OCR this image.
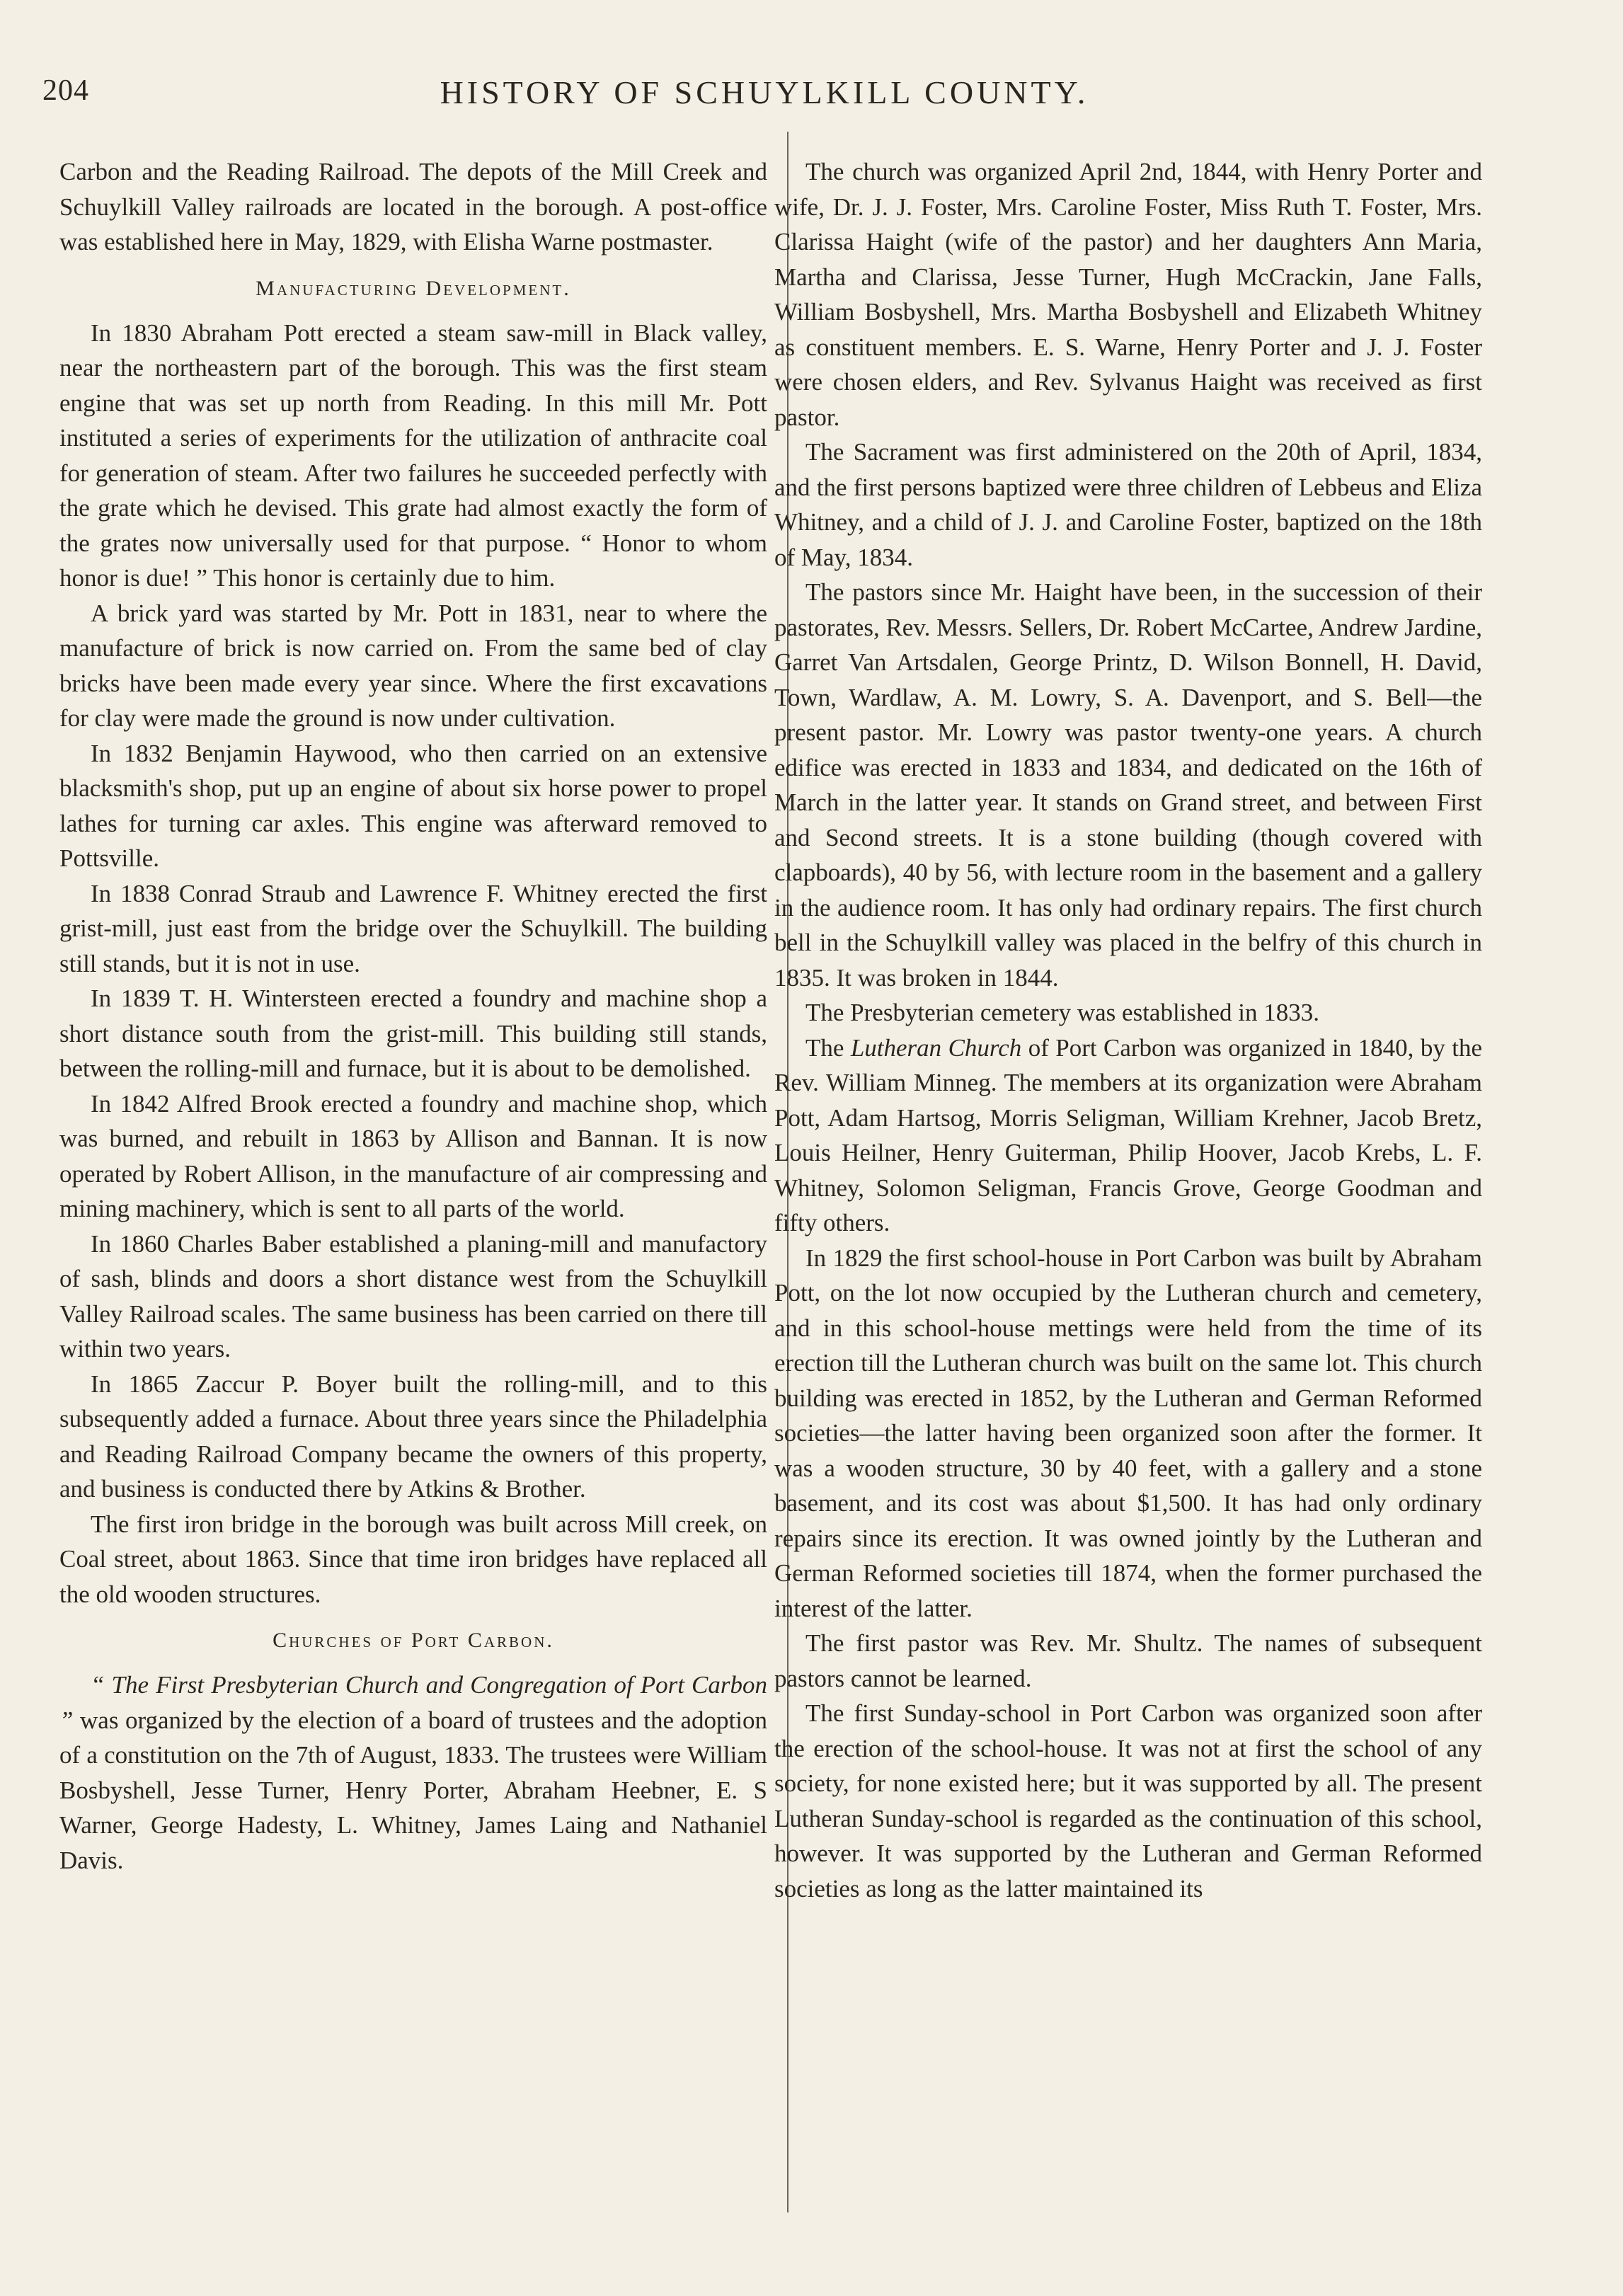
204	HISTORY OF SCHUYLKILL COUNTY.

Carbon and the Reading Railroad. The depots of the Mill Creek and Schuylkill Valley railroads are located in the borough. A post-office was established here in May, 1829, with Elisha Warne postmaster.

Manufacturing Development.

In 1830 Abraham Pott erected a steam saw-mill in Black valley, near the northeastern part of the borough. This was the first steam engine that was set up north from Reading. In this mill Mr. Pott instituted a series of experiments for the utilization of anthracite coal for generation of steam. After two failures he succeeded perfectly with the grate which he devised. This grate had almost exactly the form of the grates now universally used for that purpose. “ Honor to whom honor is due! ” This honor is certainly due to him.

A brick yard was started by Mr. Pott in 1831, near to where the manufacture of brick is now carried on. From the same bed of clay bricks have been made every year since. Where the first excavations for clay were made the ground is now under cultivation.

In 1832 Benjamin Haywood, who then carried on an extensive blacksmith's shop, put up an engine of about six horse power to propel lathes for turning car axles. This engine was afterward removed to Pottsville.

In 1838 Conrad Straub and Lawrence F. Whitney erected the first grist-mill, just east from the bridge over the Schuylkill. The building still stands, but it is not in use.

In 1839 T. H. Wintersteen erected a foundry and machine shop a short distance south from the grist-mill. This building still stands, between the rolling-mill and furnace, but it is about to be demolished.

In 1842 Alfred Brook erected a foundry and machine shop, which was burned, and rebuilt in 1863 by Allison and Bannan. It is now operated by Robert Allison, in the manufacture of air compressing and mining machinery, which is sent to all parts of the world.

In 1860 Charles Baber established a planing-mill and manufactory of sash, blinds and doors a short distance west from the Schuylkill Valley Railroad scales. The same business has been carried on there till within two years.

In 1865 Zaccur P. Boyer built the rolling-mill, and to this subsequently added a furnace. About three years since the Philadelphia and Reading Railroad Company became the owners of this property, and business is conducted there by Atkins & Brother.

The first iron bridge in the borough was built across Mill creek, on Coal street, about 1863. Since that time iron bridges have replaced all the old wooden structures.

Churches of Port Carbon.

“ The First Presbyterian Church and Congregation of Port Carbon ” was organized by the election of a board of trustees and the adoption of a constitution on the 7th of August, 1833. The trustees were William Bosbyshell, Jesse Turner, Henry Porter, Abraham Heebner, E. S Warner, George Hadesty, L. Whitney, James Laing and Nathaniel Davis.

The church was organized April 2nd, 1844, with Henry Porter and wife, Dr. J. J. Foster, Mrs. Caroline Foster, Miss Ruth T. Foster, Mrs. Clarissa Haight (wife of the pastor) and her daughters Ann Maria, Martha and Clarissa, Jesse Turner, Hugh McCrackin, Jane Falls, William Bosbyshell, Mrs. Martha Bosbyshell and Elizabeth Whitney as constituent members. E. S. Warne, Henry Porter and J. J. Foster were chosen elders, and Rev. Sylvanus Haight was received as first pastor.

The Sacrament was first administered on the 20th of April, 1834, and the first persons baptized were three children of Lebbeus and Eliza Whitney, and a child of J. J. and Caroline Foster, baptized on the 18th of May, 1834.

The pastors since Mr. Haight have been, in the succession of their pastorates, Rev. Messrs. Sellers, Dr. Robert McCartee, Andrew Jardine, Garret Van Artsdalen, George Printz, D. Wilson Bonnell, H. David, Town, Wardlaw, A. M. Lowry, S. A. Davenport, and S. Bell—the present pastor. Mr. Lowry was pastor twenty-one years. A church edifice was erected in 1833 and 1834, and dedicated on the 16th of March in the latter year. It stands on Grand street, and between First and Second streets. It is a stone building (though covered with clapboards), 40 by 56, with lecture room in the basement and a gallery in the audience room. It has only had ordinary repairs. The first church bell in the Schuylkill valley was placed in the belfry of this church in 1835. It was broken in 1844.

The Presbyterian cemetery was established in 1833.

The Lutheran Church of Port Carbon was organized in 1840, by the Rev. William Minneg. The members at its organization were Abraham Pott, Adam Hartsog, Morris Seligman, William Krehner, Jacob Bretz, Louis Heilner, Henry Guiterman, Philip Hoover, Jacob Krebs, L. F. Whitney, Solomon Seligman, Francis Grove, George Goodman and fifty others.

In 1829 the first school-house in Port Carbon was built by Abraham Pott, on the lot now occupied by the Lutheran church and cemetery, and in this school-house mettings were held from the time of its erection till the Lutheran church was built on the same lot. This church building was erected in 1852, by the Lutheran and German Reformed societies—the latter having been organized soon after the former. It was a wooden structure, 30 by 40 feet, with a gallery and a stone basement, and its cost was about $1,500. It has had only ordinary repairs since its erection. It was owned jointly by the Lutheran and German Reformed societies till 1874, when the former purchased the interest of the latter.

The first pastor was Rev. Mr. Shultz. The names of subsequent pastors cannot be learned.

The first Sunday-school in Port Carbon was organized soon after the erection of the school-house. It was not at first the school of any society, for none existed here; but it was supported by all. The present Lutheran Sunday-school is regarded as the continuation of this school, however. It was supported by the Lutheran and German Reformed societies as long as the latter maintained its
